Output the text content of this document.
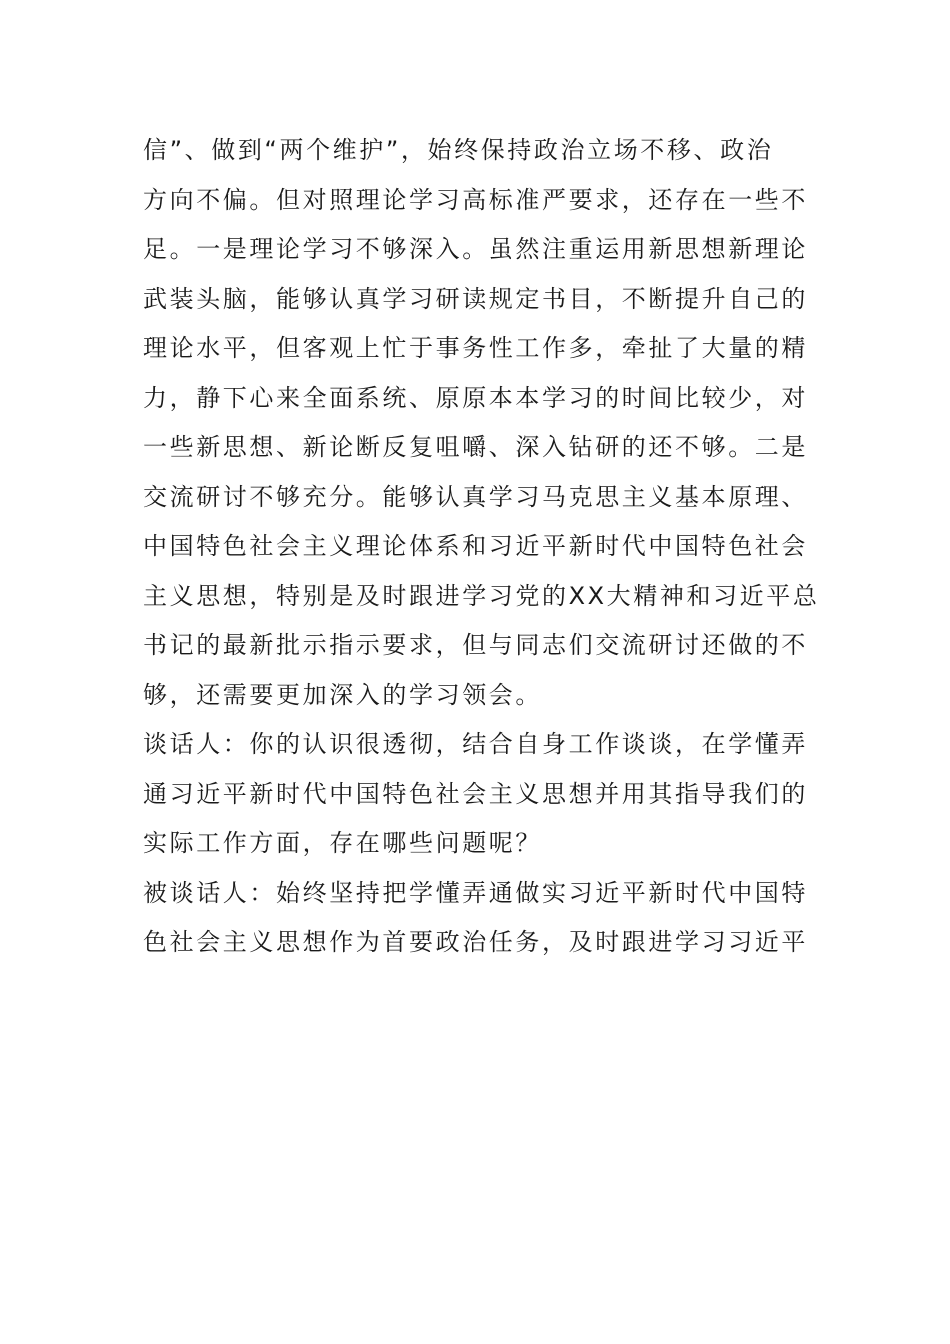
信”、做到“两个维护”，始终保持政治立场不移、政治
方向不偏。但对照理论学习高标准严要求，还存在一些不
足。一是理论学习不够深入。虽然注重运用新思想新理论
武装头脑，能够认真学习研读规定书目，不断提升自己的
理论水平，但客观上忙于事务性工作多，牵扯了大量的精
力，静下心来全面系统、原原本本学习的时间比较少，对
一些新思想、新论断反复咀嚼、深入钻研的还不够。二是
交流研讨不够充分。能够认真学习马克思主义基本原理、
中国特色社会主义理论体系和习近平新时代中国特色社会
主义思想，特别是及时跟进学习党的XX大精神和习近平总
书记的最新批示指示要求，但与同志们交流研讨还做的不
够，还需要更加深入的学习领会。
谈话人：你的认识很透彻，结合自身工作谈谈，在学懂弄
通习近平新时代中国特色社会主义思想并用其指导我们的
实际工作方面，存在哪些问题呢？
被谈话人：始终坚持把学懂弄通做实习近平新时代中国特
色社会主义思想作为首要政治任务，及时跟进学习习近平
